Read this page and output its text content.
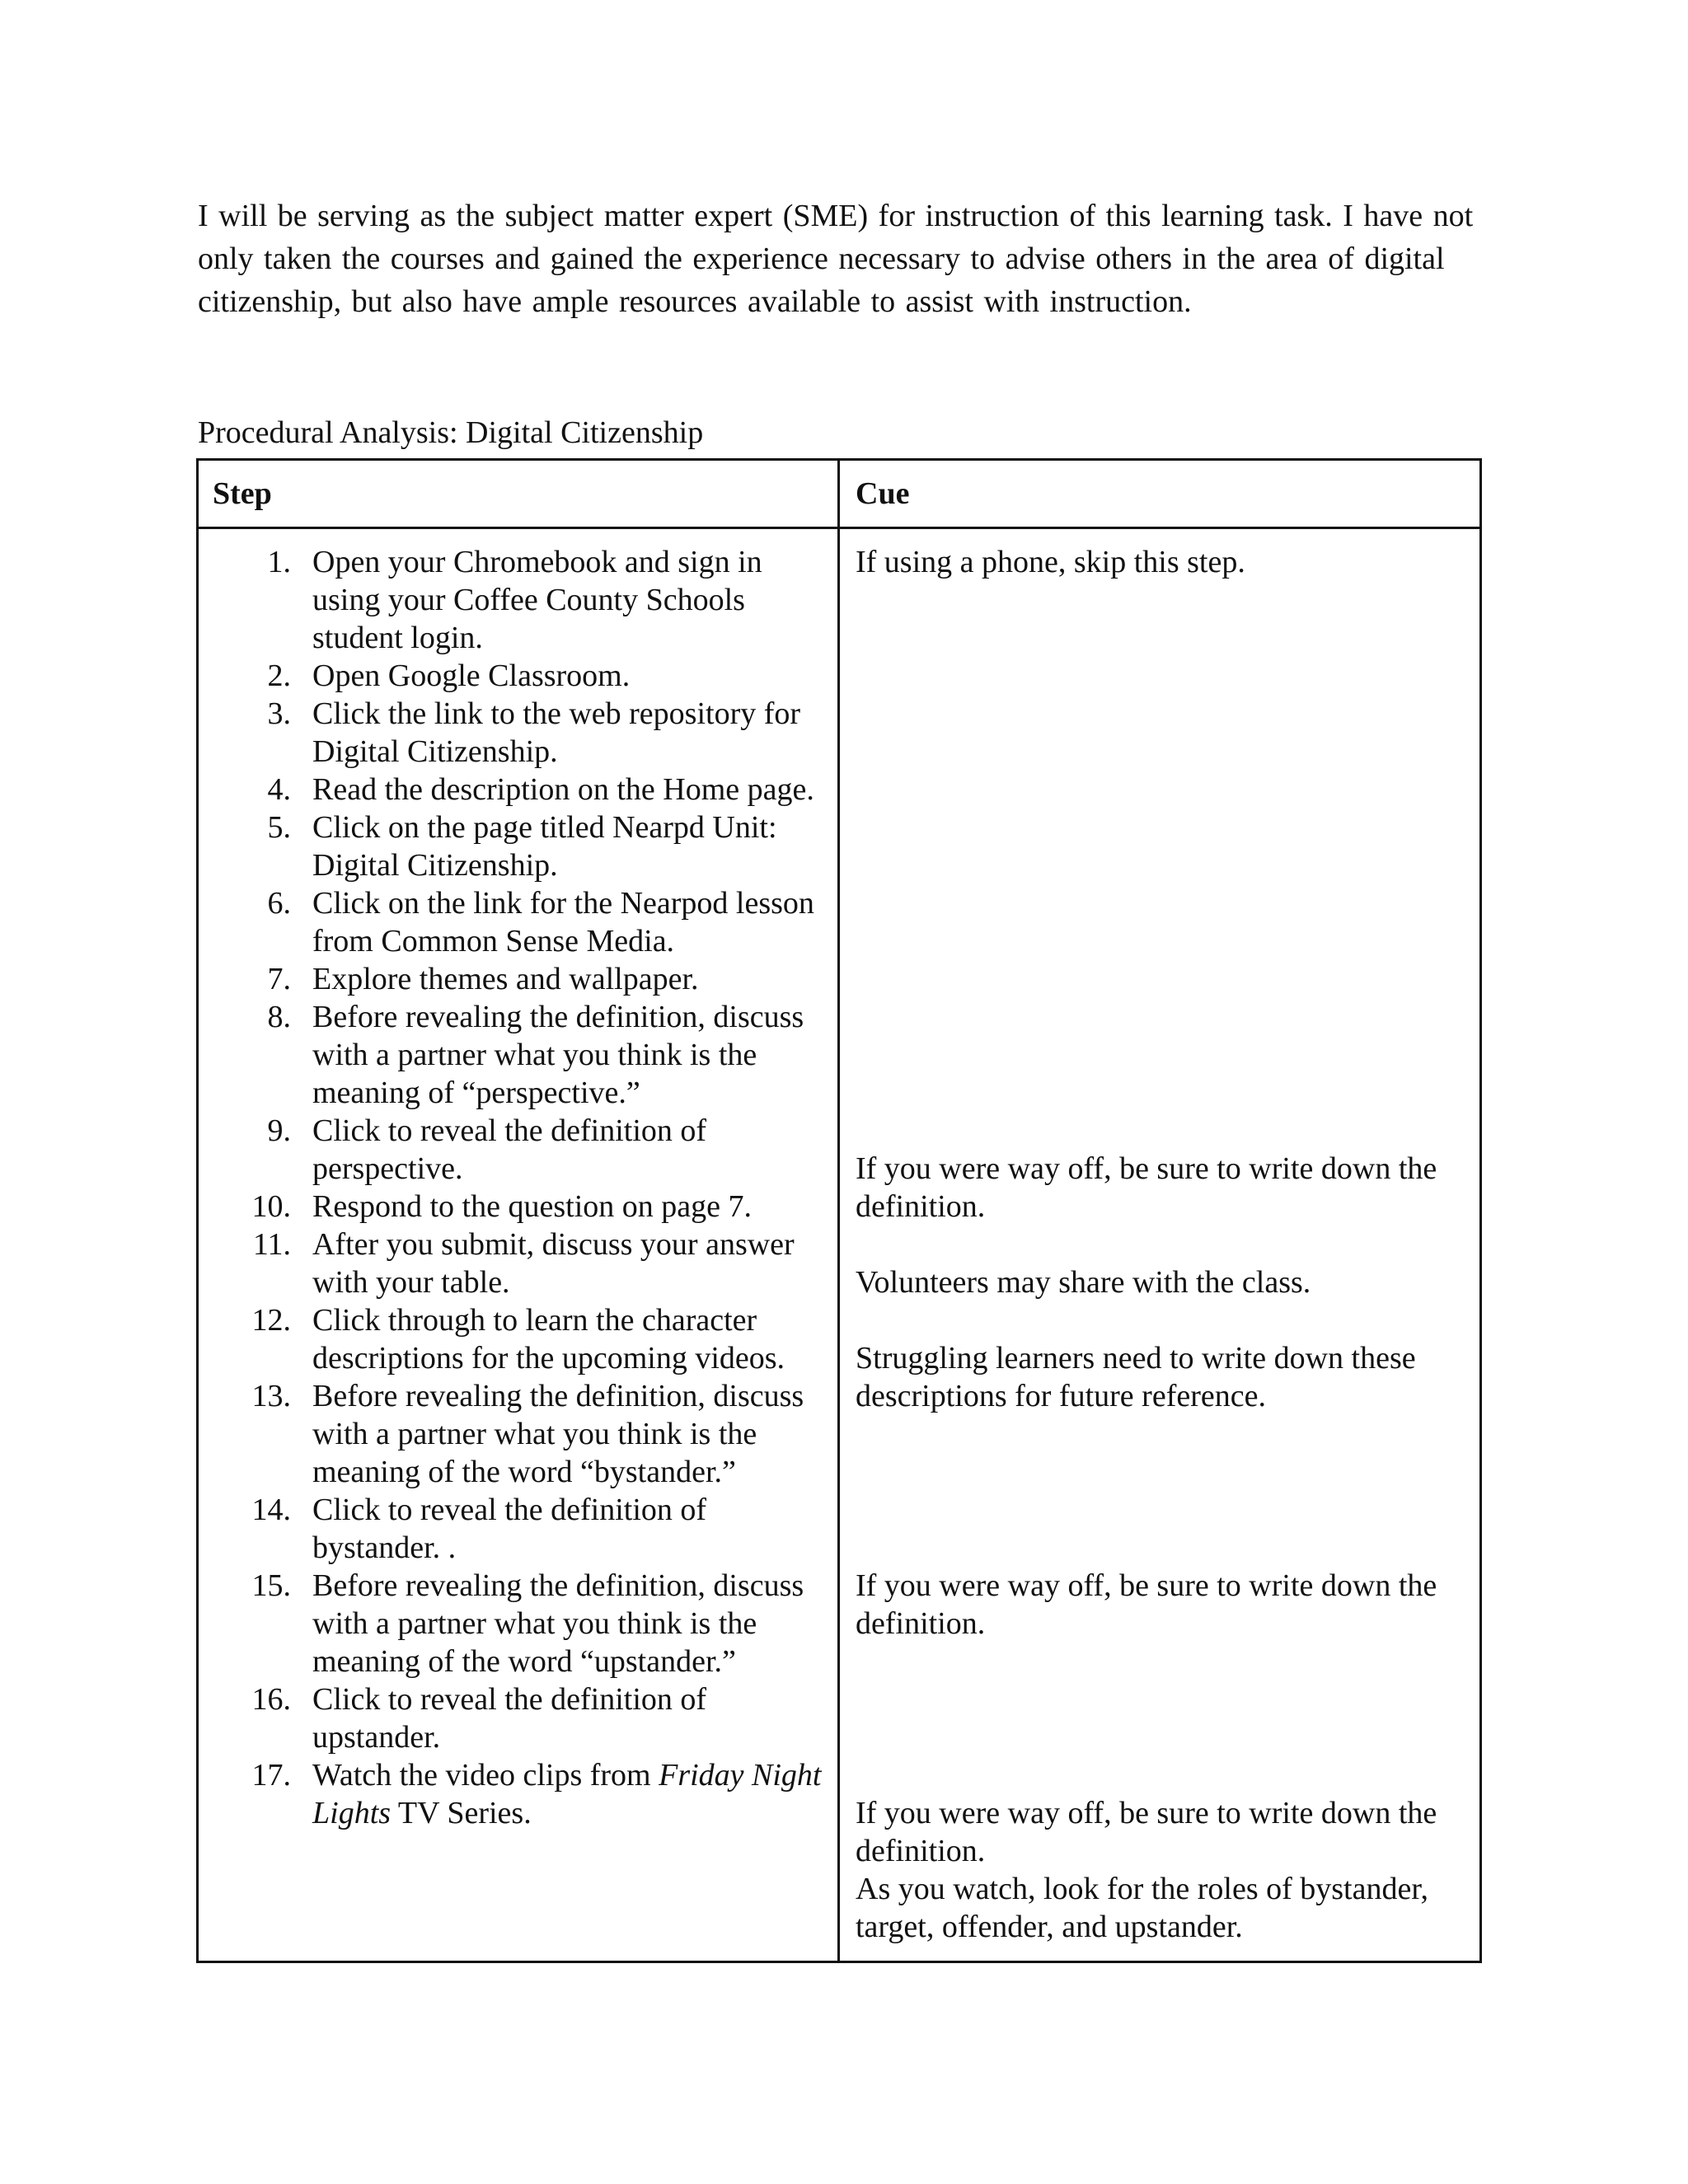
I will be serving as the subject matter expert (SME) for instruction of this learning task. I have not only taken the courses and gained the experience necessary to advise others in the area of digital citizenship, but also have ample resources available to assist with instruction.

Procedural Analysis: Digital Citizenship

Step	Cue
1. Open your Chromebook and sign in using your Coffee County Schools student login.
2. Open Google Classroom.
3. Click the link to the web repository for Digital Citizenship.
4. Read the description on the Home page.
5. Click on the page titled Nearpd Unit: Digital Citizenship.
6. Click on the link for the Nearpod lesson from Common Sense Media.
7. Explore themes and wallpaper.
8. Before revealing the definition, discuss with a partner what you think is the meaning of “perspective.”
9. Click to reveal the definition of perspective.
10. Respond to the question on page 7.
11. After you submit, discuss your answer with your table.
12. Click through to learn the character descriptions for the upcoming videos.
13. Before revealing the definition, discuss with a partner what you think is the meaning of the word “bystander.”
14. Click to reveal the definition of bystander. .
15. Before revealing the definition, discuss with a partner what you think is the meaning of the word “upstander.”
16. Click to reveal the definition of upstander.
17. Watch the video clips from Friday Night Lights TV Series.
If using a phone, skip this step.
If you were way off, be sure to write down the definition.
Volunteers may share with the class.
Struggling learners need to write down these descriptions for future reference.
If you were way off, be sure to write down the definition.
If you were way off, be sure to write down the definition.
As you watch, look for the roles of bystander, target, offender, and upstander.
